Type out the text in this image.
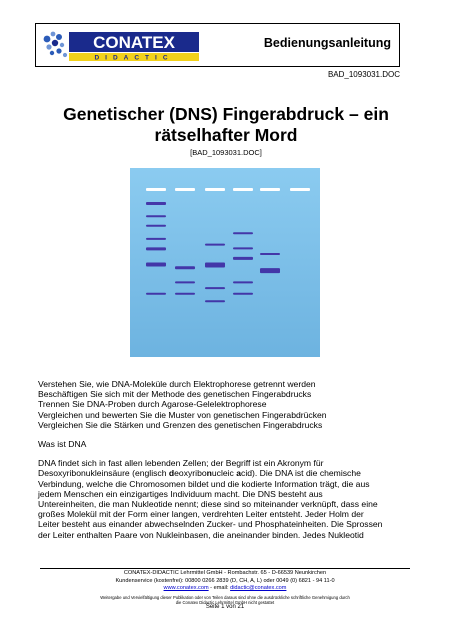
CONATEX
DIDACTIC
Bedienungsanleitung
BAD_1093031.DOC
Genetischer (DNS) Fingerabdruck – ein
rätselhafter Mord
[BAD_1093031.DOC]

Verstehen Sie, wie DNA-Moleküle durch Elektrophorese getrennt werden

Beschäftigen Sie sich mit der Methode des genetischen Fingerabdrucks

Trennen Sie DNA-Proben durch Agarose-Gelelektrophorese

Vergleichen und bewerten Sie die Muster von genetischen Fingerabdrücken

Vergleichen Sie die Stärken und Grenzen des genetischen Fingerabdrucks

Was ist DNA

DNA findet sich in fast allen lebenden Zellen; der Begriff ist ein Akronym für

Desoxyribonukleinsäure (englisch deoxyribonucleic acid). Die DNA ist die chemische

Verbindung, welche die Chromosomen bildet und die kodierte Information trägt, die aus

jedem Menschen ein einzigartiges Individuum macht. Die DNS besteht aus

Untereinheiten, die man Nukleotide nennt; diese sind so miteinander verknüpft, dass eine

großes Molekül mit der Form einer langen, verdrehten Leiter entsteht. Jeder Holm der

Leiter besteht aus einander abwechselnden Zucker- und Phosphateinheiten. Die Sprossen

der Leiter enthalten Paare von Nukleinbasen, die aneinander binden. Jedes Nukleotid

CONATEX-DIDACTIC Lehrmittel GmbH - Rombachstr. 65 - D-66539 Neunkirchen
Kundenservice (kostenfrei): 00800 0266 2839 (D, CH, A, L) oder 0049 (0) 6821 - 94 11-0
www.conatex.com - email: didactic@conatex.com
Weitergabe und Vervielfältigung dieser Publikation oder von Teilen daraus sind ohne die ausdrückliche schriftliche Genehmigung durch
die Conatex Didactic Lehrmittel GmbH nicht gestattet
Seite 1 von 21
